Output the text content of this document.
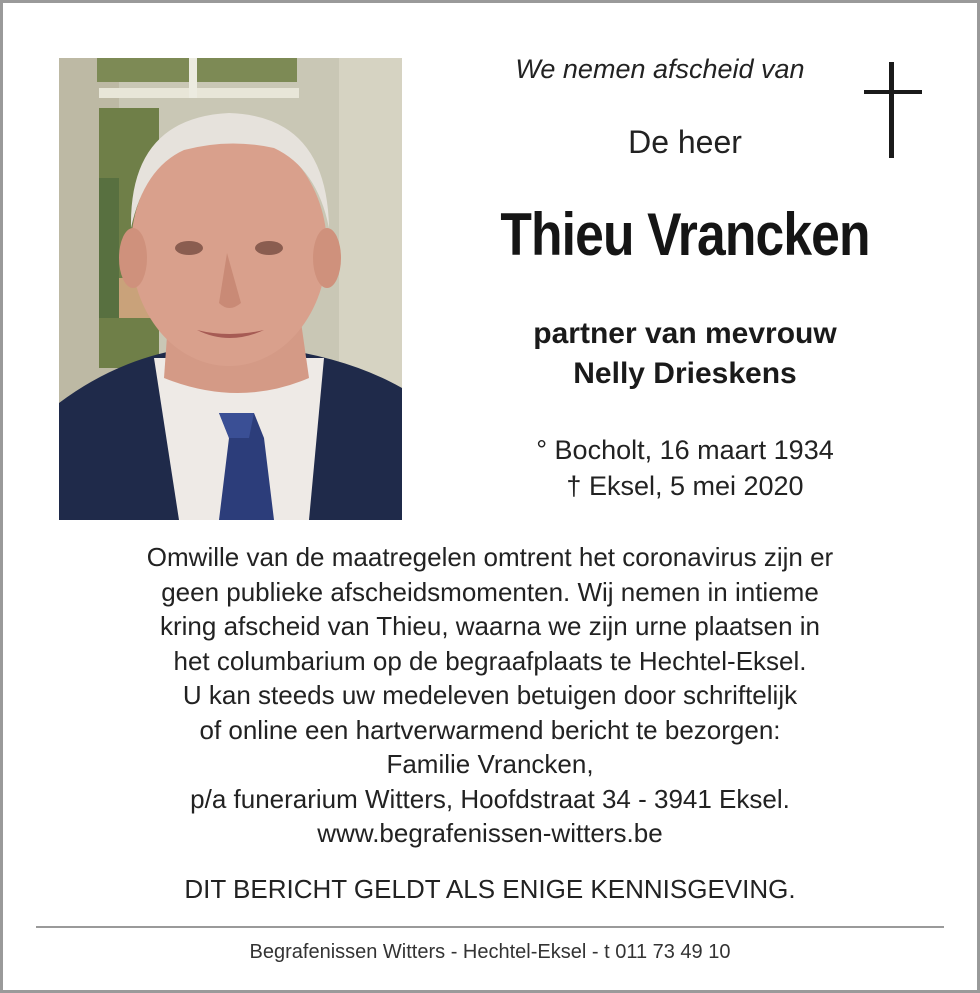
We nemen afscheid van
De heer
Thieu Vrancken
partner van mevrouw
Nelly Drieskens
° Bocholt, 16 maart 1934
† Eksel, 5 mei 2020
Omwille van de maatregelen omtrent het coronavirus zijn er
geen publieke afscheidsmomenten. Wij nemen in intieme
kring afscheid van Thieu, waarna we zijn urne plaatsen in
het columbarium op de begraafplaats te Hechtel-Eksel.
U kan steeds uw medeleven betuigen door schriftelijk
of online een hartverwarmend bericht te bezorgen:
Familie Vrancken,
p/a funerarium Witters, Hoofdstraat 34 - 3941 Eksel.
www.begrafenissen-witters.be
DIT BERICHT GELDT ALS ENIGE KENNISGEVING.
Begrafenissen Witters - Hechtel-Eksel - t 011 73 49 10
